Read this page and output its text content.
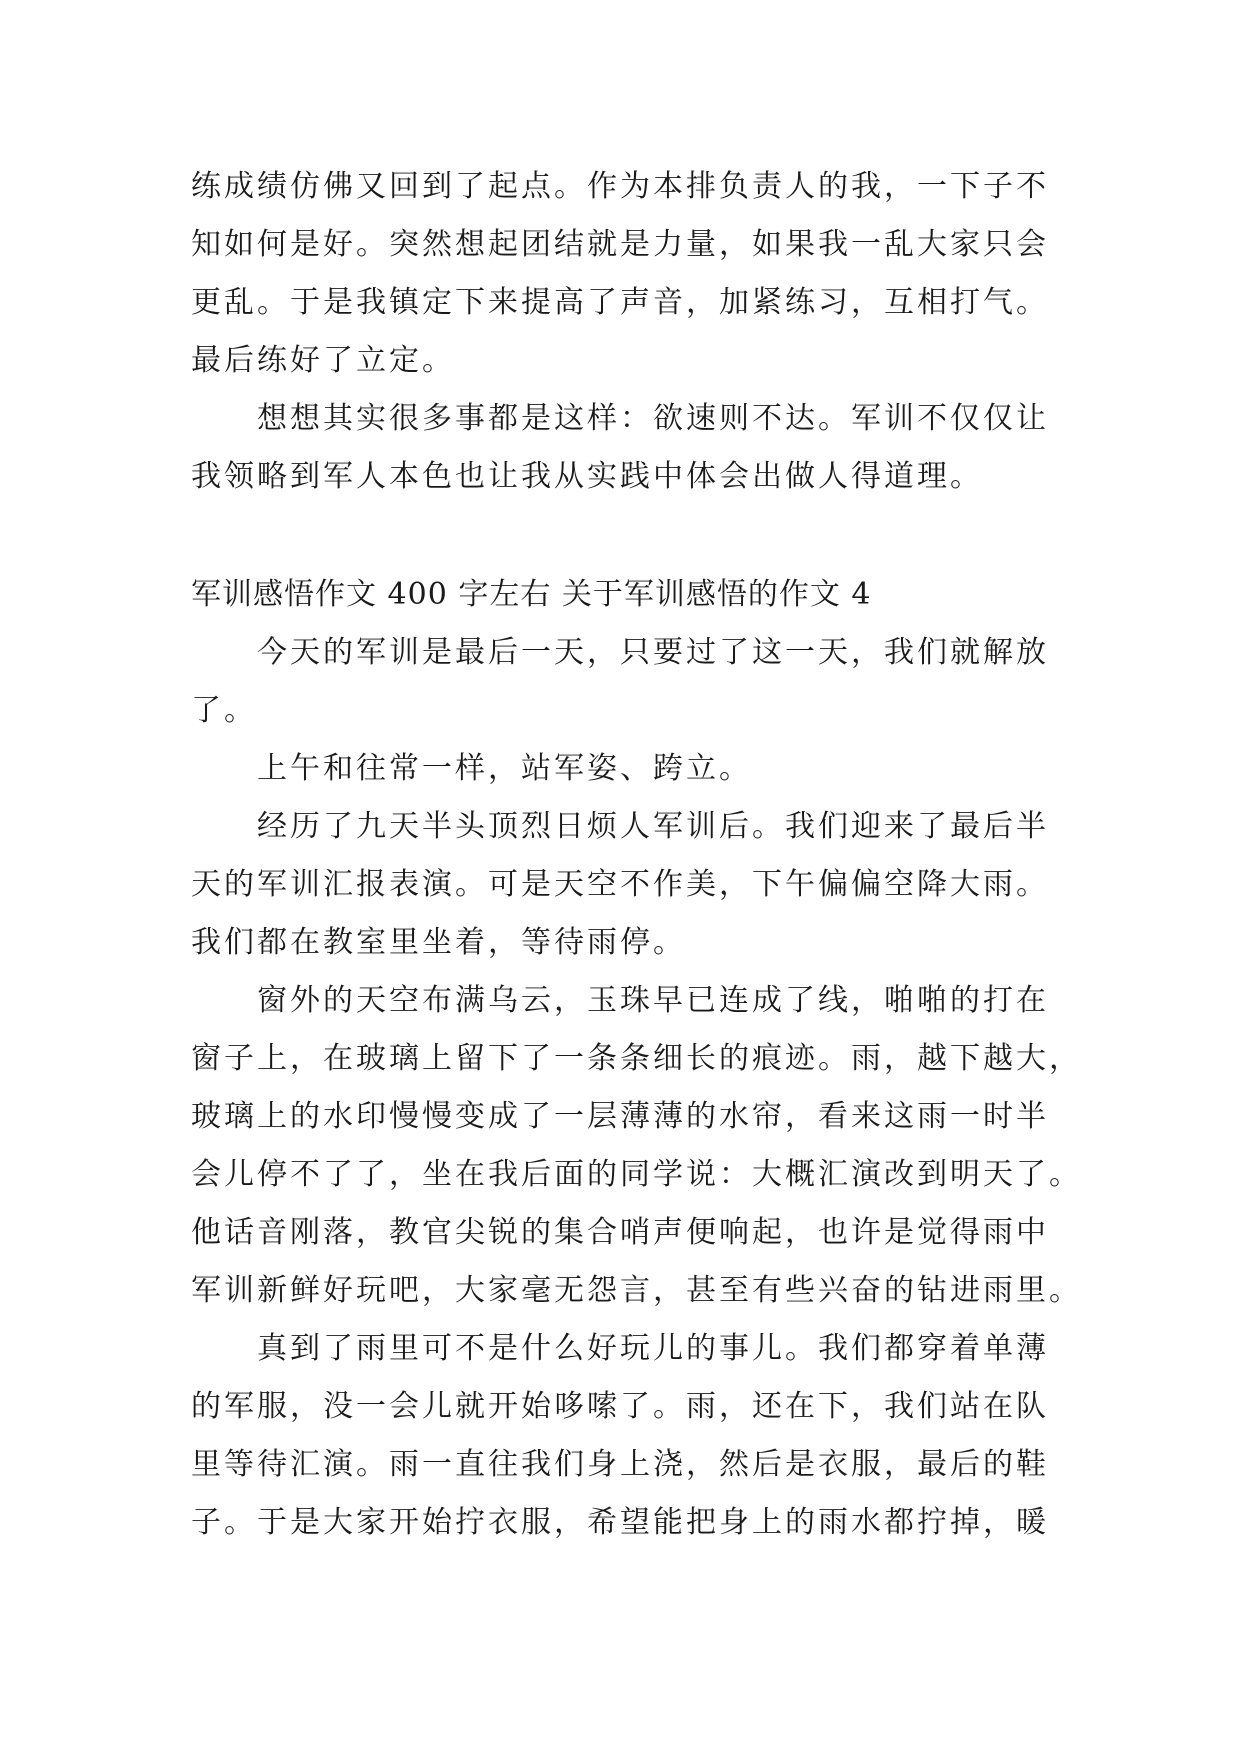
练成绩仿佛又回到了起点。作为本排负责人的我，一下子不
知如何是好。突然想起团结就是力量，如果我一乱大家只会
更乱。于是我镇定下来提高了声音，加紧练习，互相打气。
最后练好了立定。
想想其实很多事都是这样：欲速则不达。军训不仅仅让
我领略到军人本色也让我从实践中体会出做人得道理。
军训感悟作文 400 字左右 关于军训感悟的作文 4
今天的军训是最后一天，只要过了这一天，我们就解放
了。
上午和往常一样，站军姿、跨立。
经历了九天半头顶烈日烦人军训后。我们迎来了最后半
天的军训汇报表演。可是天空不作美，下午偏偏空降大雨。
我们都在教室里坐着，等待雨停。
窗外的天空布满乌云，玉珠早已连成了线，啪啪的打在
窗子上，在玻璃上留下了一条条细长的痕迹。雨，越下越大，
玻璃上的水印慢慢变成了一层薄薄的水帘，看来这雨一时半
会儿停不了了，坐在我后面的同学说：大概汇演改到明天了。
他话音刚落，教官尖锐的集合哨声便响起，也许是觉得雨中
军训新鲜好玩吧，大家毫无怨言，甚至有些兴奋的钻进雨里。
真到了雨里可不是什么好玩儿的事儿。我们都穿着单薄
的军服，没一会儿就开始哆嗦了。雨，还在下，我们站在队
里等待汇演。雨一直往我们身上浇，然后是衣服，最后的鞋
子。于是大家开始拧衣服，希望能把身上的雨水都拧掉，暖
